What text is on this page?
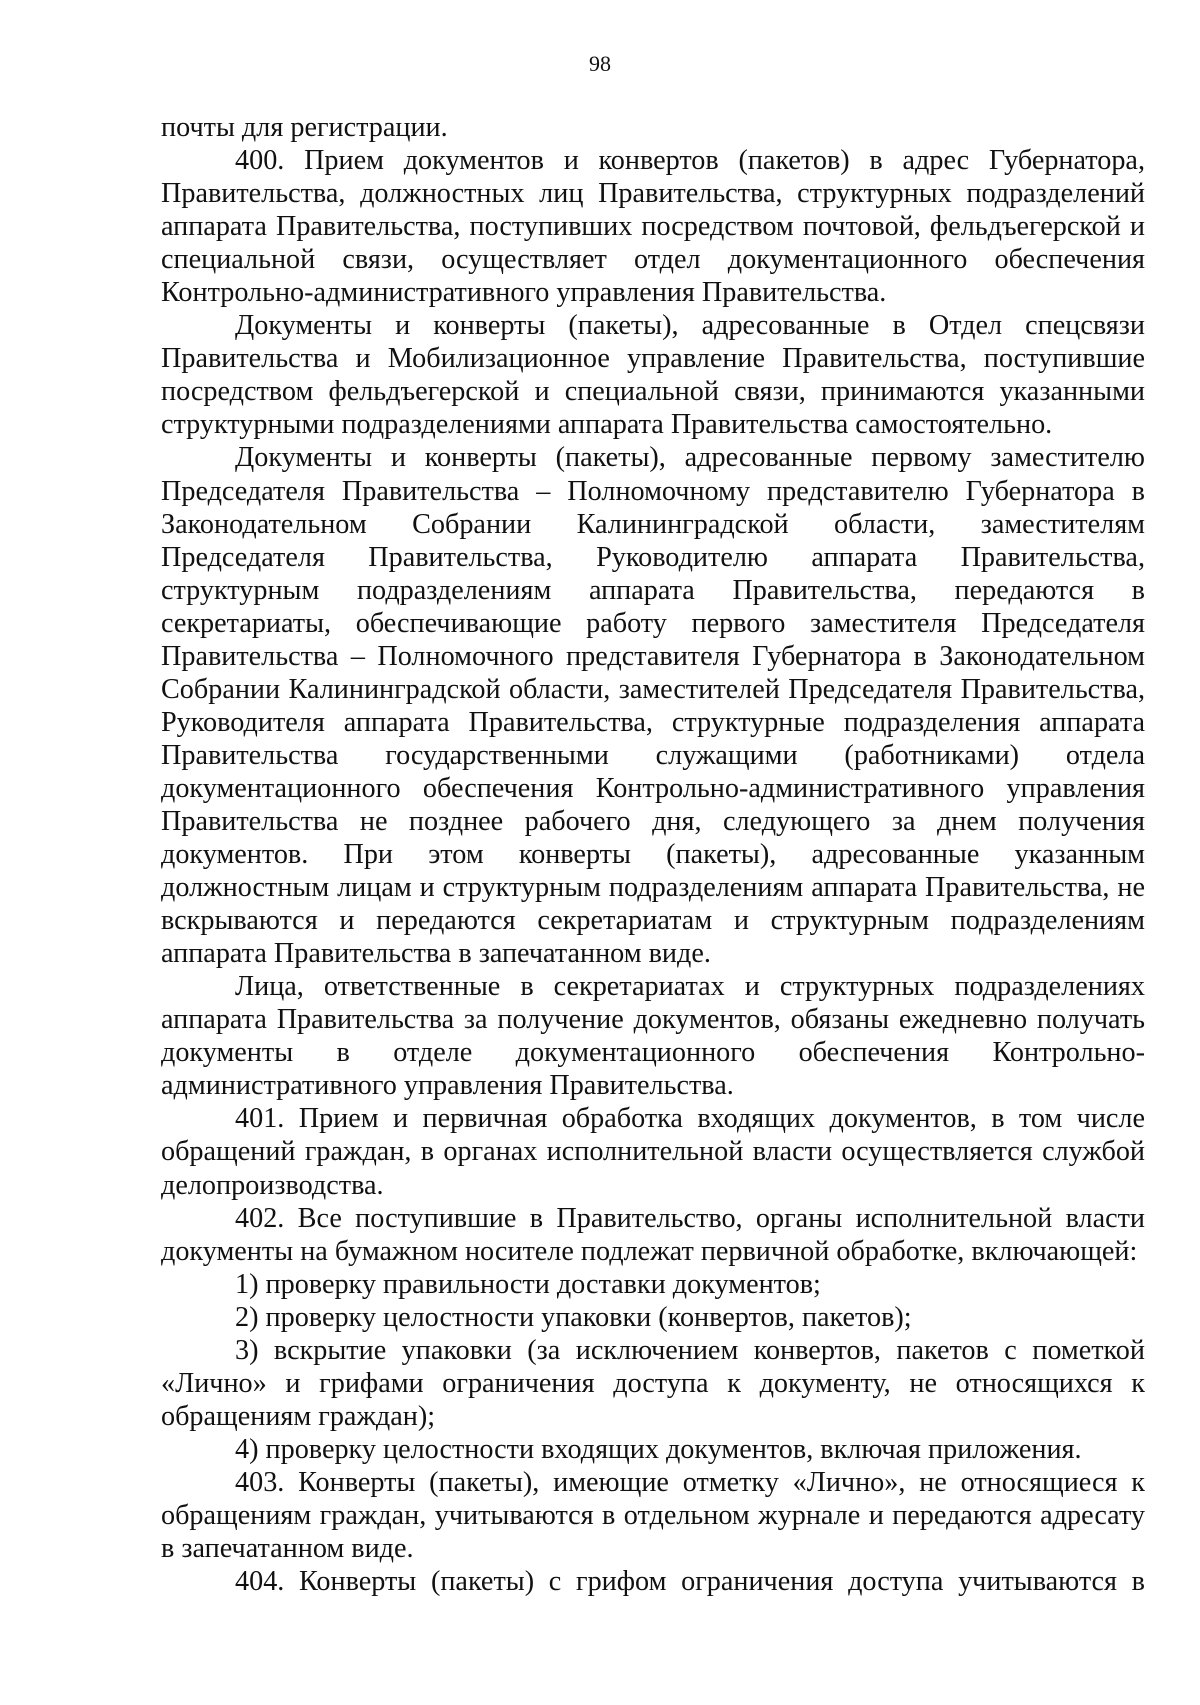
98

почты для регистрации.

400. Прием документов и конвертов (пакетов) в адрес Губернатора, Правительства, должностных лиц Правительства, структурных подразделений аппарата Правительства, поступивших посредством почтовой, фельдъегерской и специальной связи, осуществляет отдел документационного обеспечения Контрольно-административного управления Правительства.

Документы и конверты (пакеты), адресованные в Отдел спецсвязи Правительства и Мобилизационное управление Правительства, поступившие посредством фельдъегерской и специальной связи, принимаются указанными структурными подразделениями аппарата Правительства самостоятельно.

Документы и конверты (пакеты), адресованные первому заместителю Председателя Правительства – Полномочному представителю Губернатора в Законодательном Собрании Калининградской области, заместителям Председателя Правительства, Руководителю аппарата Правительства, структурным подразделениям аппарата Правительства, передаются в секретариаты, обеспечивающие работу первого заместителя Председателя Правительства – Полномочного представителя Губернатора в Законодательном Собрании Калининградской области, заместителей Председателя Правительства, Руководителя аппарата Правительства, структурные подразделения аппарата Правительства государственными служащими (работниками) отдела документационного обеспечения Контрольно-административного управления Правительства не позднее рабочего дня, следующего за днем получения документов. При этом конверты (пакеты), адресованные указанным должностным лицам и структурным подразделениям аппарата Правительства, не вскрываются и передаются секретариатам и структурным подразделениям аппарата Правительства в запечатанном виде.

Лица, ответственные в секретариатах и структурных подразделениях аппарата Правительства за получение документов, обязаны ежедневно получать документы в отделе документационного обеспечения Контрольно-административного управления Правительства.

401. Прием и первичная обработка входящих документов, в том числе обращений граждан, в органах исполнительной власти осуществляется службой делопроизводства.

402. Все поступившие в Правительство, органы исполнительной власти документы на бумажном носителе подлежат первичной обработке, включающей:

1) проверку правильности доставки документов;

2) проверку целостности упаковки (конвертов, пакетов);

3) вскрытие упаковки (за исключением конвертов, пакетов с пометкой «Лично» и грифами ограничения доступа к документу, не относящихся к обращениям граждан);

4) проверку целостности входящих документов, включая приложения.

403. Конверты (пакеты), имеющие отметку «Лично», не относящиеся к обращениям граждан, учитываются в отдельном журнале и передаются адресату в запечатанном виде.

404. Конверты (пакеты) с грифом ограничения доступа учитываются в
